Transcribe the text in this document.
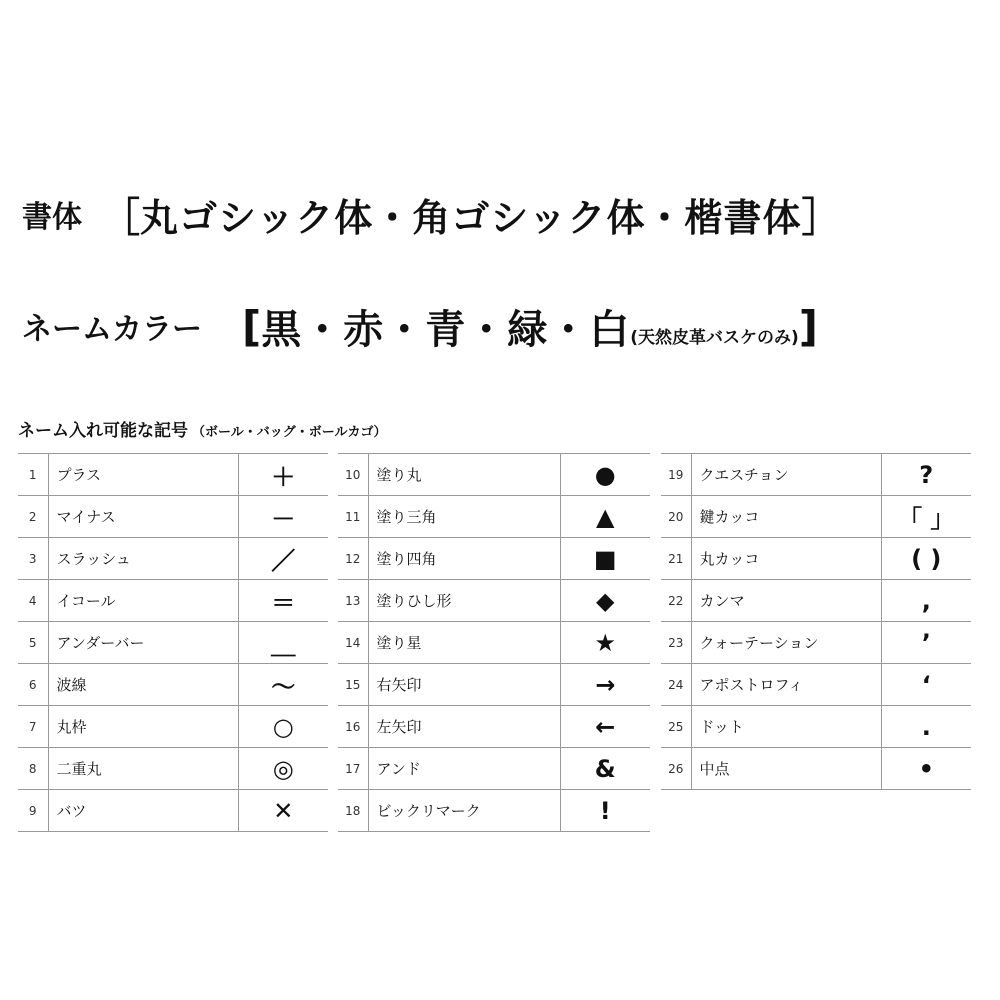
書体 ［ 丸ゴシック体・角ゴシック体・楷書体 ］
ネームカラー [ 黒・赤・青・緑・白 (天然皮革バスケのみ) ]
ネーム入れ可能な記号 （ボール・バッグ・ボールカゴ）
1	プラス	＋
2	マイナス	－
3	スラッシュ	／
4	イコール	＝
5	アンダーバー	＿
6	波線	～
7	丸枠	○
8	二重丸	◎
9	バツ	✕
10	塗り丸	●
11	塗り三角	▲
12	塗り四角	■
13	塗りひし形	◆
14	塗り星	★
15	右矢印	→
16	左矢印	←
17	アンド	&
18	ビックリマーク	!
19	クエスチョン	?
20	鍵カッコ	「 」
21	丸カッコ	( )
22	カンマ	,
23	クォーテーション	’
24	アポストロフィ	‘
25	ドット	.
26	中点	•
